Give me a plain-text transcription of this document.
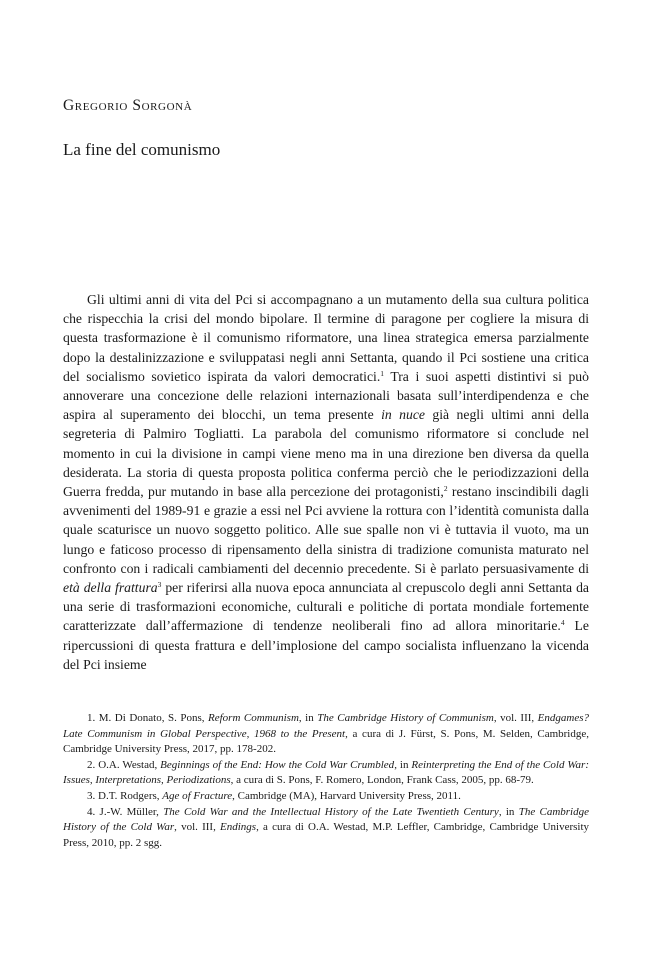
Gregorio Sorgonà
La fine del comunismo

Gli ultimi anni di vita del Pci si accompagnano a un mutamento della sua cultura politica che rispecchia la crisi del mondo bipolare. Il termine di paragone per cogliere la misura di questa trasformazione è il comunismo riformatore, una linea strategica emersa parzialmente dopo la destalinizzazione e sviluppatasi negli anni Settanta, quando il Pci sostiene una critica del socialismo sovietico ispirata da valori democratici.$^1$ Tra i suoi aspetti distintivi si può annoverare una concezione delle relazioni internazionali basata sull’interdipendenza e che aspira al superamento dei blocchi, un tema presente in nuce già negli ultimi anni della segreteria di Palmiro Togliatti. La parabola del comunismo riformatore si conclude nel momento in cui la divisione in campi viene meno ma in una direzione ben diversa da quella desiderata. La storia di questa proposta politica conferma perciò che le periodizzazioni della Guerra fredda, pur mutando in base alla percezione dei protagonisti,$^2$ restano inscindibili dagli avvenimenti del 1989-91 e grazie a essi nel Pci avviene la rottura con l’identità comunista dalla quale scaturisce un nuovo soggetto politico. Alle sue spalle non vi è tuttavia il vuoto, ma un lungo e faticoso processo di ripensamento della sinistra di tradizione comunista maturato nel confronto con i radicali cambiamenti del decennio precedente. Si è parlato persuasivamente di età della frattura$^3$ per riferirsi alla nuova epoca annunciata al crepuscolo degli anni Settanta da una serie di trasformazioni economiche, culturali e politiche di portata mondiale fortemente caratterizzate dall’affermazione di tendenze neoliberali fino ad allora minoritarie.$^4$ Le ripercussioni di questa frattura e dell’implosione del campo socialista influenzano la vicenda del Pci insieme

1. M. Di Donato, S. Pons, Reform Communism, in The Cambridge History of Communism, vol. III, Endgames? Late Communism in Global Perspective, 1968 to the Present, a cura di J. Fürst, S. Pons, M. Selden, Cambridge, Cambridge University Press, 2017, pp. 178-202.

2. O.A. Westad, Beginnings of the End: How the Cold War Crumbled, in Reinterpreting the End of the Cold War: Issues, Interpretations, Periodizations, a cura di S. Pons, F. Romero, London, Frank Cass, 2005, pp. 68-79.

3. D.T. Rodgers, Age of Fracture, Cambridge (MA), Harvard University Press, 2011.

4. J.-W. Müller, The Cold War and the Intellectual History of the Late Twentieth Century, in The Cambridge History of the Cold War, vol. III, Endings, a cura di O.A. Westad, M.P. Leffler, Cambridge, Cambridge University Press, 2010, pp. 2 sgg.
